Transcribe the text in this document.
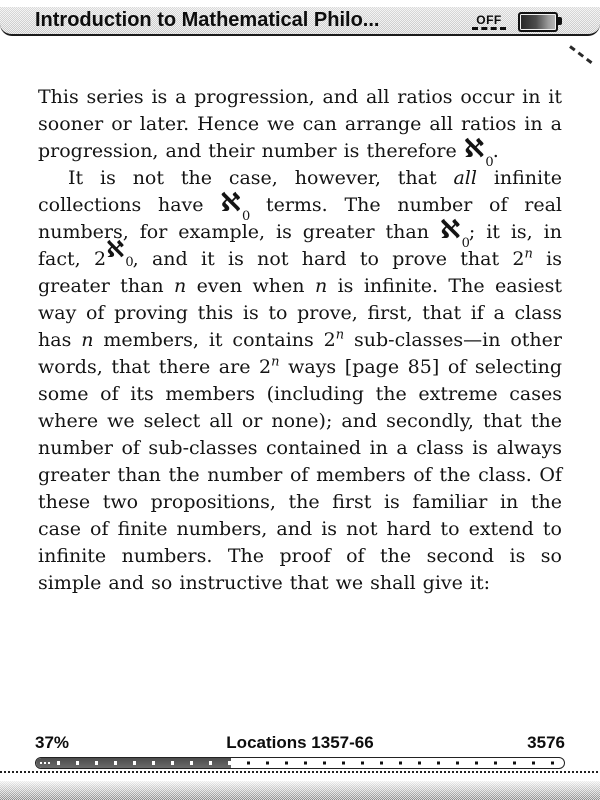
Introduction to Mathematical Philo...	OFF

This series is a progression, and all ratios occur in it sooner or later. Hence we can arrange all ratios in a progression, and their number is therefore ℵ$_0$.

It is not the case, however, that all infinite collections have ℵ$_0$ terms. The number of real numbers, for example, is greater than ℵ$_0$; it is, in fact, 2ℵ$_0$, and it is not hard to prove that 2$^n$ is greater than n even when n is infinite. The easiest way of proving this is to prove, first, that if a class has n members, it contains 2$^n$ sub-classes—in other words, that there are 2$^n$ ways [page 85] of selecting some of its members (including the extreme cases where we select all or none); and secondly, that the number of sub-classes contained in a class is always greater than the number of members of the class. Of these two propositions, the first is familiar in the case of finite numbers, and is not hard to extend to infinite numbers. The proof of the second is so simple and so instructive that we shall give it:

37%	Locations 1357-66	3576
